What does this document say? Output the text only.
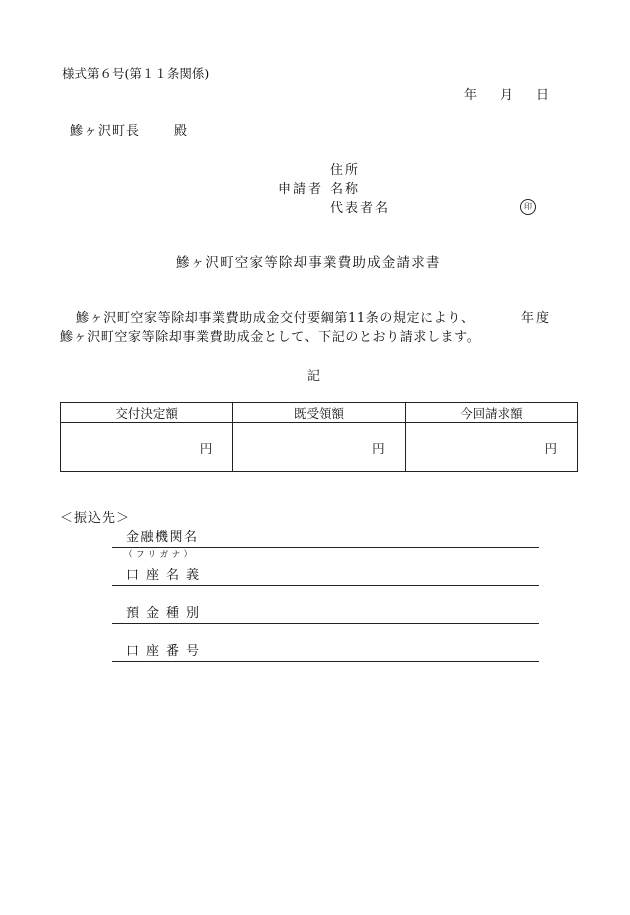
様式第６号(第１１条関係)
年 月 日
鰺ヶ沢町長	殿
住所
申請者 名称
代表者名	印
鰺ヶ沢町空家等除却事業費助成金請求書
鰺ヶ沢町空家等除却事業費助成金交付要綱第11条の規定により、	年度
鰺ヶ沢町空家等除却事業費助成金として、下記のとおり請求します。
記
交付決定額	既受領額	今回請求額
円	円	円
＜振込先＞
金融機関名
（フリガナ）
口座名義
預金種別
口座番号
